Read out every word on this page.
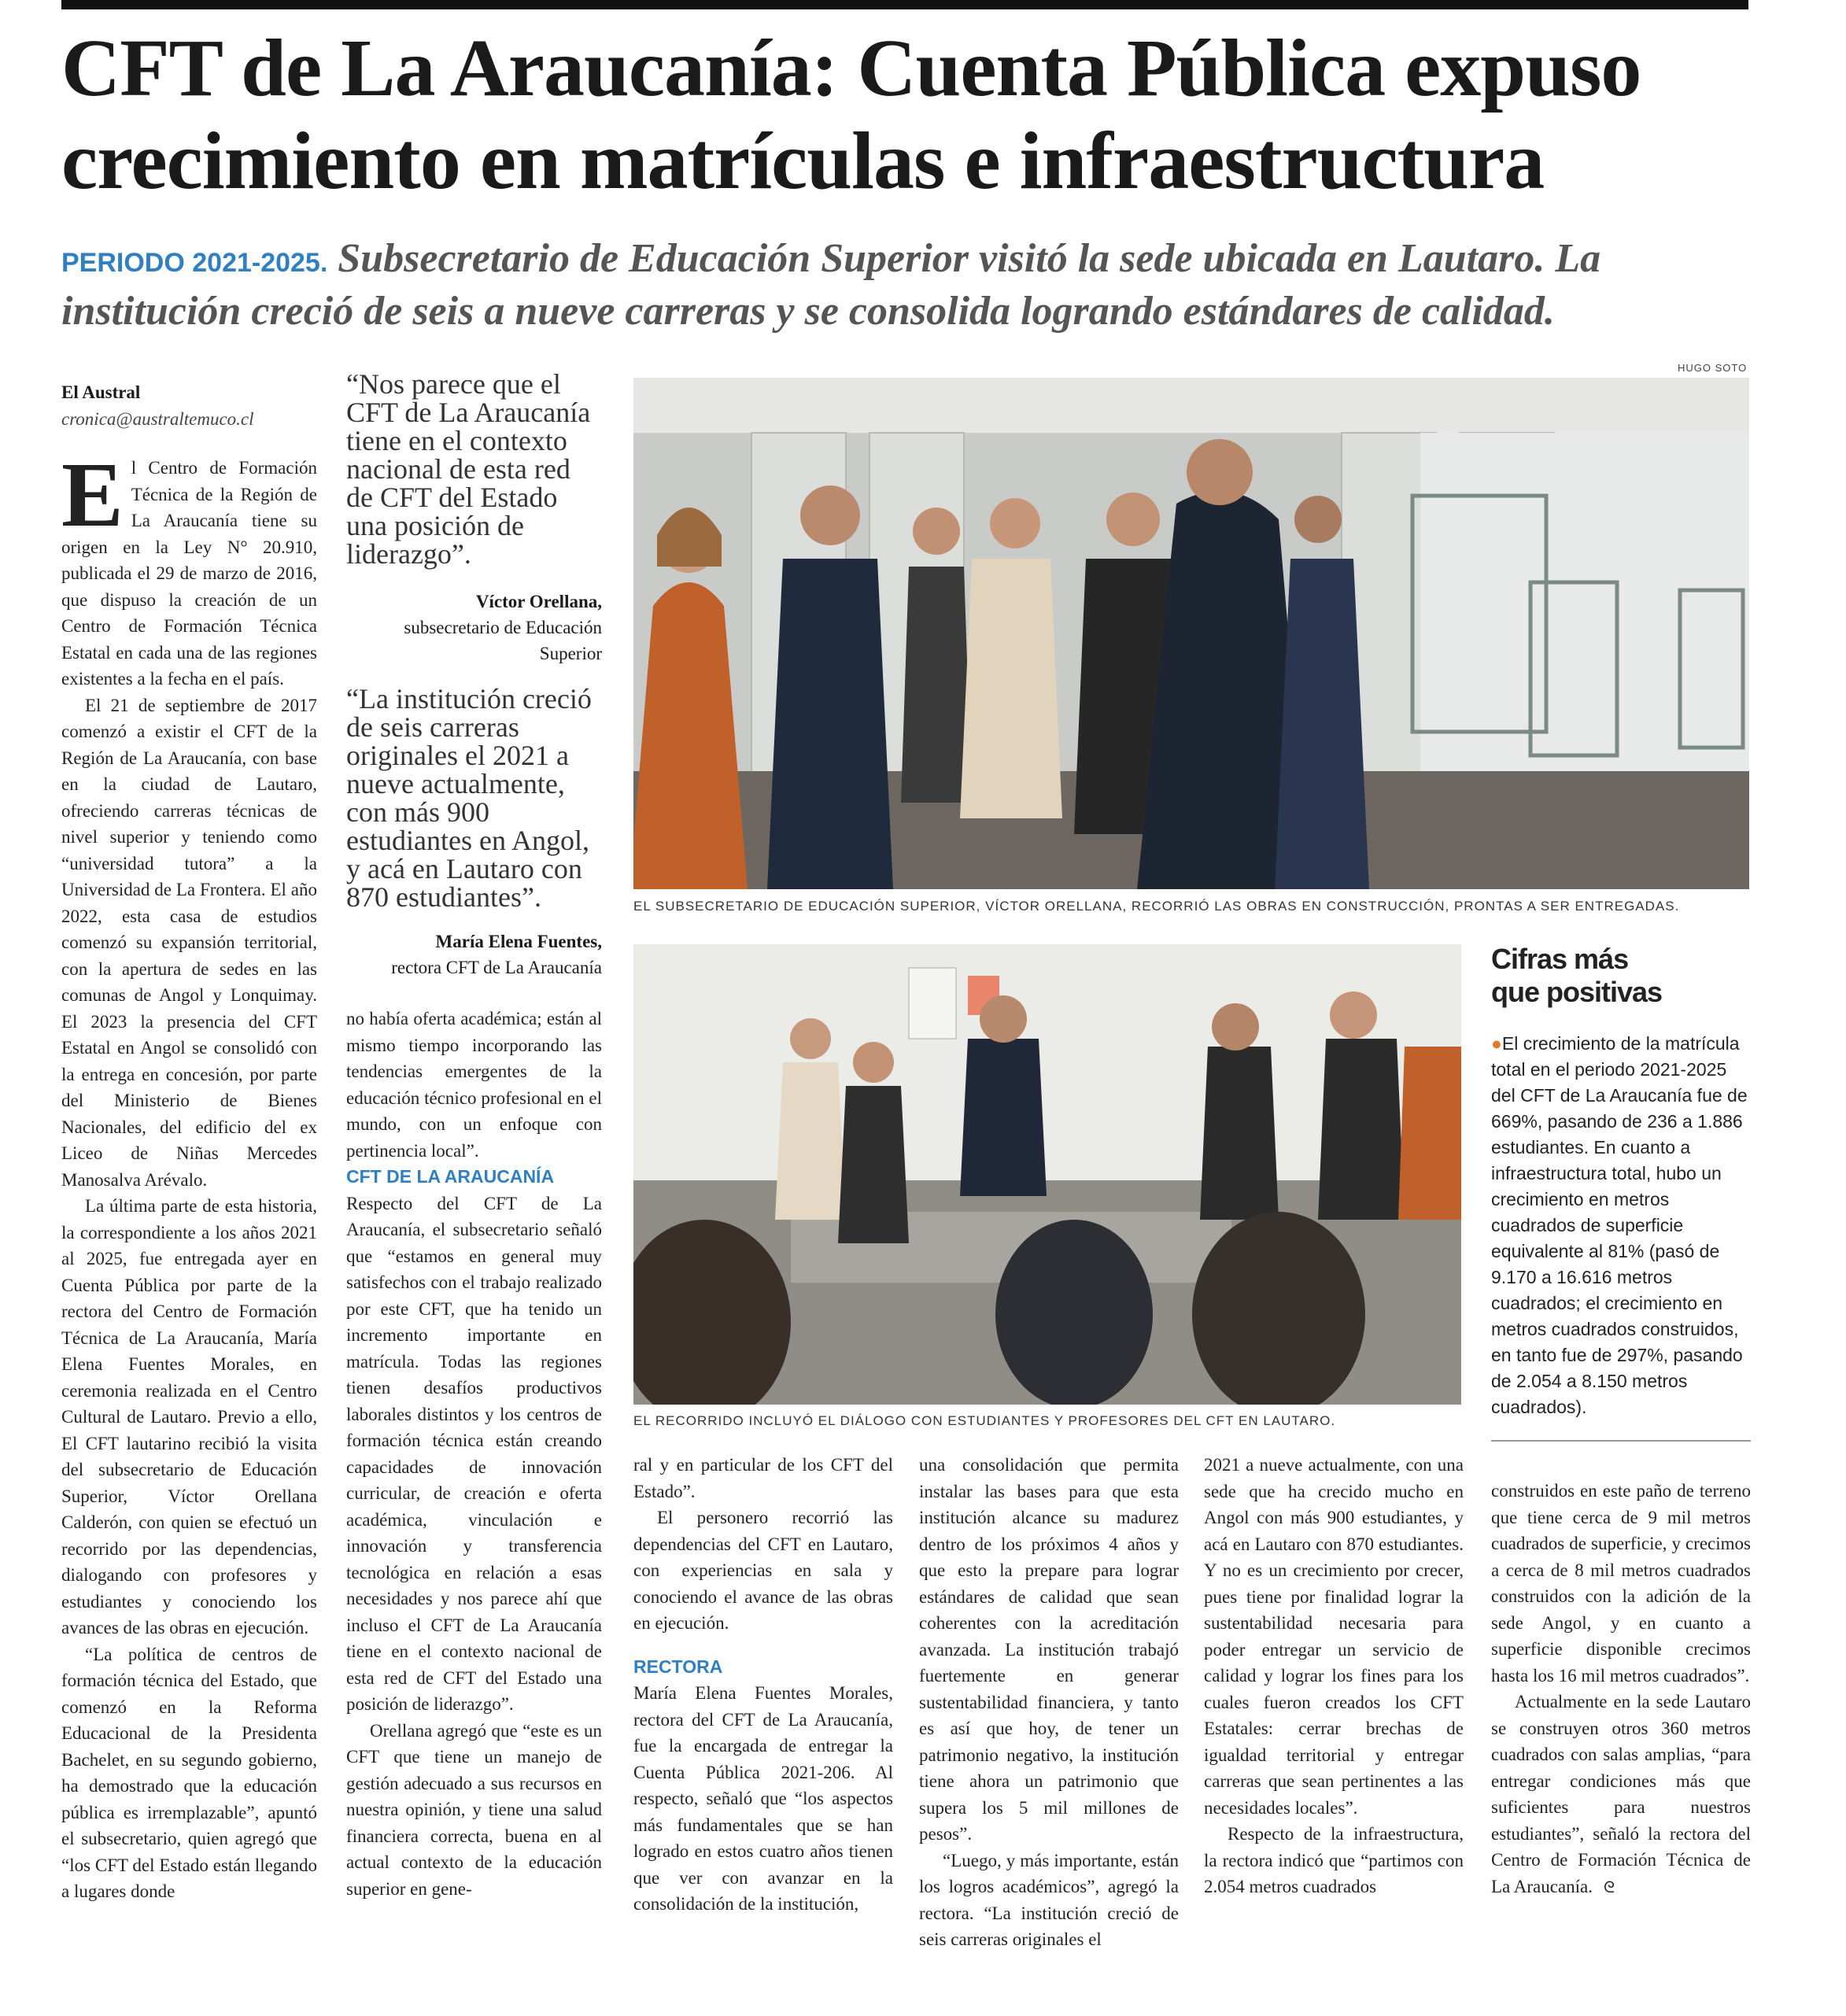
CFT de La Araucanía: Cuenta Pública expuso
crecimiento en matrículas e infraestructura
PERIODO 2021-2025. Subsecretario de Educación Superior visitó la sede ubicada en Lautaro. La institución creció de seis a nueve carreras y se consolida logrando estándares de calidad.
El Austral
cronica@australtemuco.cl

El Centro de Formación Técnica de la Región de La Araucanía tiene su origen en la Ley N° 20.910, publicada el 29 de marzo de 2016, que dispuso la creación de un Centro de Formación Técnica Estatal en cada una de las regiones existentes a la fecha en el país.

El 21 de septiembre de 2017 comenzó a existir el CFT de la Región de La Araucanía, con base en la ciudad de Lautaro, ofreciendo carreras técnicas de nivel superior y teniendo como “universidad tutora” a la Universidad de La Frontera. El año 2022, esta casa de estudios comenzó su expansión territorial, con la apertura de sedes en las comunas de Angol y Lonquimay. El 2023 la presencia del CFT Estatal en Angol se consolidó con la entrega en concesión, por parte del Ministerio de Bienes Nacionales, del edificio del ex Liceo de Niñas Mercedes Manosalva Arévalo.

La última parte de esta historia, la correspondiente a los años 2021 al 2025, fue entregada ayer en Cuenta Pública por parte de la rectora del Centro de Formación Técnica de La Araucanía, María Elena Fuentes Morales, en ceremonia realizada en el Centro Cultural de Lautaro. Previo a ello, El CFT lautarino recibió la visita del subsecretario de Educación Superior, Víctor Orellana Calderón, con quien se efectuó un recorrido por las dependencias, dialogando con profesores y estudiantes y conociendo los avances de las obras en ejecución.

“La política de centros de formación técnica del Estado, que comenzó en la Reforma Educacional de la Presidenta Bachelet, en su segundo gobierno, ha demostrado que la educación pública es irremplazable”, apuntó el subsecretario, quien agregó que “los CFT del Estado están llegando a lugares donde

“Nos parece que el CFT de La Araucanía tiene en el contexto nacional de esta red de CFT del Estado una posición de liderazgo”.
Víctor Orellana,
subsecretario de Educación Superior
“La institución creció de seis carreras originales el 2021 a nueve actualmente, con más 900 estudiantes en Angol, y acá en Lautaro con 870 estudiantes”.
María Elena Fuentes,
rectora CFT de La Araucanía

no había oferta académica; están al mismo tiempo incorporando las tendencias emergentes de la educación técnico profesional en el mundo, con un enfoque con pertinencia local”.

CFT DE LA ARAUCANÍA

Respecto del CFT de La Araucanía, el subsecretario señaló que “estamos en general muy satisfechos con el trabajo realizado por este CFT, que ha tenido un incremento importante en matrícula. Todas las regiones tienen desafíos productivos laborales distintos y los centros de formación técnica están creando capacidades de innovación curricular, de creación e oferta académica, vinculación e innovación y transferencia tecnológica en relación a esas necesidades y nos parece ahí que incluso el CFT de La Araucanía tiene en el contexto nacional de esta red de CFT del Estado una posición de liderazgo”.

Orellana agregó que “este es un CFT que tiene un manejo de gestión adecuado a sus recursos en nuestra opinión, y tiene una salud financiera correcta, buena en al actual contexto de la educación superior en gene-

HUGO SOTO
EL SUBSECRETARIO DE EDUCACIÓN SUPERIOR, VÍCTOR ORELLANA, RECORRIÓ LAS OBRAS EN CONSTRUCCIÓN, PRONTAS A SER ENTREGADAS.
EL RECORRIDO INCLUYÓ EL DIÁLOGO CON ESTUDIANTES Y PROFESORES DEL CFT EN LAUTARO.
Cifras más
que positivas
●El crecimiento de la matrícula total en el periodo 2021-2025 del CFT de La Araucanía fue de 669%, pasando de 236 a 1.886 estudiantes. En cuanto a infraestructura total, hubo un crecimiento en metros cuadrados de superficie equivalente al 81% (pasó de 9.170 a 16.616 metros cuadrados; el crecimiento en metros cuadrados construidos, en tanto fue de 297%, pasando de 2.054 a 8.150 metros cuadrados).

ral y en particular de los CFT del Estado”.

El personero recorrió las dependencias del CFT en Lautaro, con experiencias en sala y conociendo el avance de las obras en ejecución.

RECTORA

María Elena Fuentes Morales, rectora del CFT de La Araucanía, fue la encargada de entregar la Cuenta Pública 2021-206. Al respecto, señaló que “los aspectos más fundamentales que se han logrado en estos cuatro años tienen que ver con avanzar en la consolidación de la institución,

una consolidación que permita instalar las bases para que esta institución alcance su madurez dentro de los próximos 4 años y que esto la prepare para lograr estándares de calidad que sean coherentes con la acreditación avanzada. La institución trabajó fuertemente en generar sustentabilidad financiera, y tanto es así que hoy, de tener un patrimonio negativo, la institución tiene ahora un patrimonio que supera los 5 mil millones de pesos”.

“Luego, y más importante, están los logros académicos”, agregó la rectora. “La institución creció de seis carreras originales el

2021 a nueve actualmente, con una sede que ha crecido mucho en Angol con más 900 estudiantes, y acá en Lautaro con 870 estudiantes. Y no es un crecimiento por crecer, pues tiene por finalidad lograr la sustentabilidad necesaria para poder entregar un servicio de calidad y lograr los fines para los cuales fueron creados los CFT Estatales: cerrar brechas de igualdad territorial y entregar carreras que sean pertinentes a las necesidades locales”.

Respecto de la infraestructura, la rectora indicó que “partimos con 2.054 metros cuadrados

construidos en este paño de terreno que tiene cerca de 9 mil metros cuadrados de superficie, y crecimos a cerca de 8 mil metros cuadrados construidos con la adición de la sede Angol, y en cuanto a superficie disponible crecimos hasta los 16 mil metros cuadrados”.

Actualmente en la sede Lautaro se construyen otros 360 metros cuadrados con salas amplias, “para entregar condiciones más que suficientes para nuestros estudiantes”, señaló la rectora del Centro de Formación Técnica de La Araucanía. ᘓ
